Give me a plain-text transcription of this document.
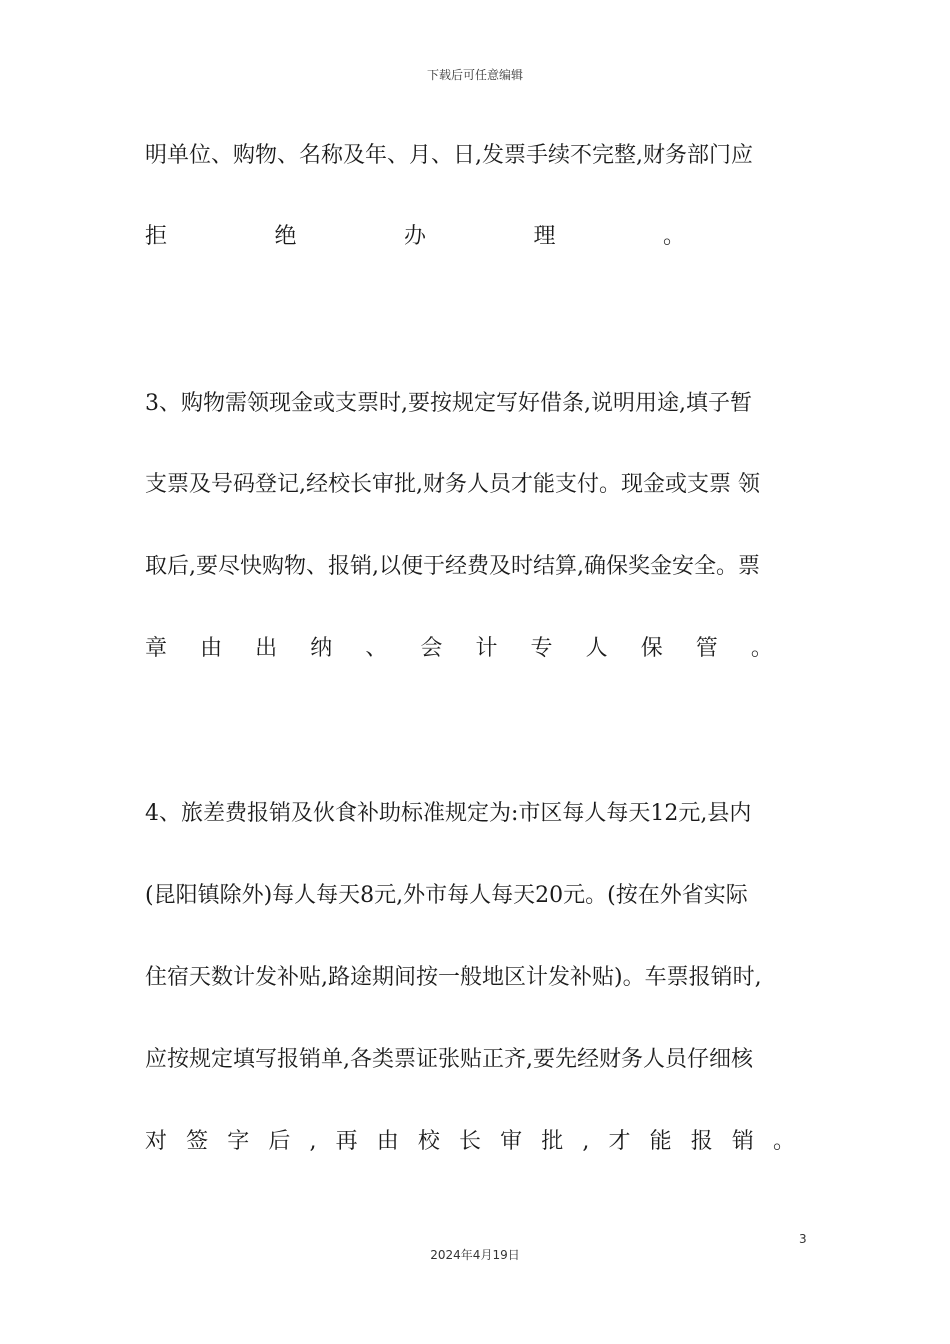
下载后可任意编辑
明单位、购物、名称及年、月、日,发票手续不完整,财务部门应
拒	绝	办	理	。
3、购物需领现金或支票时,要按规定写好借条,说明用途,填子暂
支票及号码登记,经校长审批,财务人员才能支付。现金或支票 领
取后,要尽快购物、报销,以便于经费及时结算,确保奖金安全。票
章 由 出 纳 、 会 计 专 人 保 管 。
4、旅差费报销及伙食补助标准规定为:市区每人每天12元,县内
(昆阳镇除外)每人每天8元,外市每人每天20元。(按在外省实际
住宿天数计发补贴,路途期间按一般地区计发补贴)。车票报销时,
应按规定填写报销单,各类票证张贴正齐,要先经财务人员仔细核
对 签 字 后 , 再 由 校 长 审 批 , 才 能 报 销 。
3
2024年4月19日
